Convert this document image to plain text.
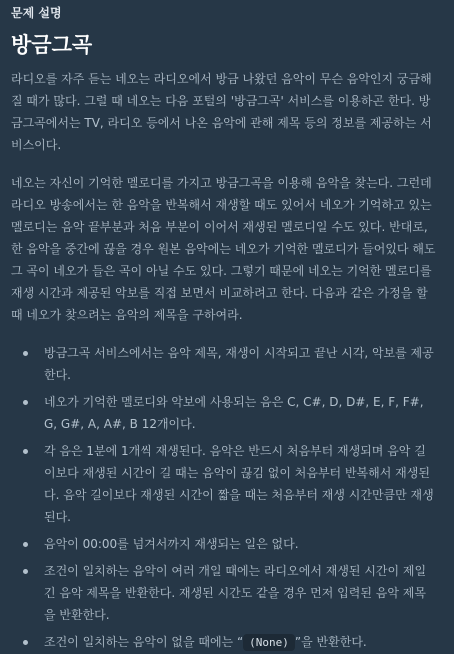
문제 설명
방금그곡

라디오를 자주 듣는 네오는 라디오에서 방금 나왔던 음악이 무슨 음악인지 궁금해질 때가 많다. 그럴 때 네오는 다음 포털의 '방금그곡' 서비스를 이용하곤 한다. 방금그곡에서는 TV, 라디오 등에서 나온 음악에 관해 제목 등의 정보를 제공하는 서비스이다.

네오는 자신이 기억한 멜로디를 가지고 방금그곡을 이용해 음악을 찾는다. 그런데 라디오 방송에서는 한 음악을 반복해서 재생할 때도 있어서 네오가 기억하고 있는 멜로디는 음악 끝부분과 처음 부분이 이어서 재생된 멜로디일 수도 있다. 반대로, 한 음악을 중간에 끊을 경우 원본 음악에는 네오가 기억한 멜로디가 들어있다 해도 그 곡이 네오가 들은 곡이 아닐 수도 있다. 그렇기 때문에 네오는 기억한 멜로디를 재생 시간과 제공된 악보를 직접 보면서 비교하려고 한다. 다음과 같은 가정을 할 때 네오가 찾으려는 음악의 제목을 구하여라.

방금그곡 서비스에서는 음악 제목, 재생이 시작되고 끝난 시각, 악보를 제공한다.
네오가 기억한 멜로디와 악보에 사용되는 음은 C, C#, D, D#, E, F, F#, G, G#, A, A#, B 12개이다.
각 음은 1분에 1개씩 재생된다. 음악은 반드시 처음부터 재생되며 음악 길이보다 재생된 시간이 길 때는 음악이 끊김 없이 처음부터 반복해서 재생된다. 음악 길이보다 재생된 시간이 짧을 때는 처음부터 재생 시간만큼만 재생된다.
음악이 00:00를 넘겨서까지 재생되는 일은 없다.
조건이 일치하는 음악이 여러 개일 때에는 라디오에서 재생된 시간이 제일 긴 음악 제목을 반환한다. 재생된 시간도 같을 경우 먼저 입력된 음악 제목을 반환한다.
조건이 일치하는 음악이 없을 때에는 “ (None) ”을 반환한다.
